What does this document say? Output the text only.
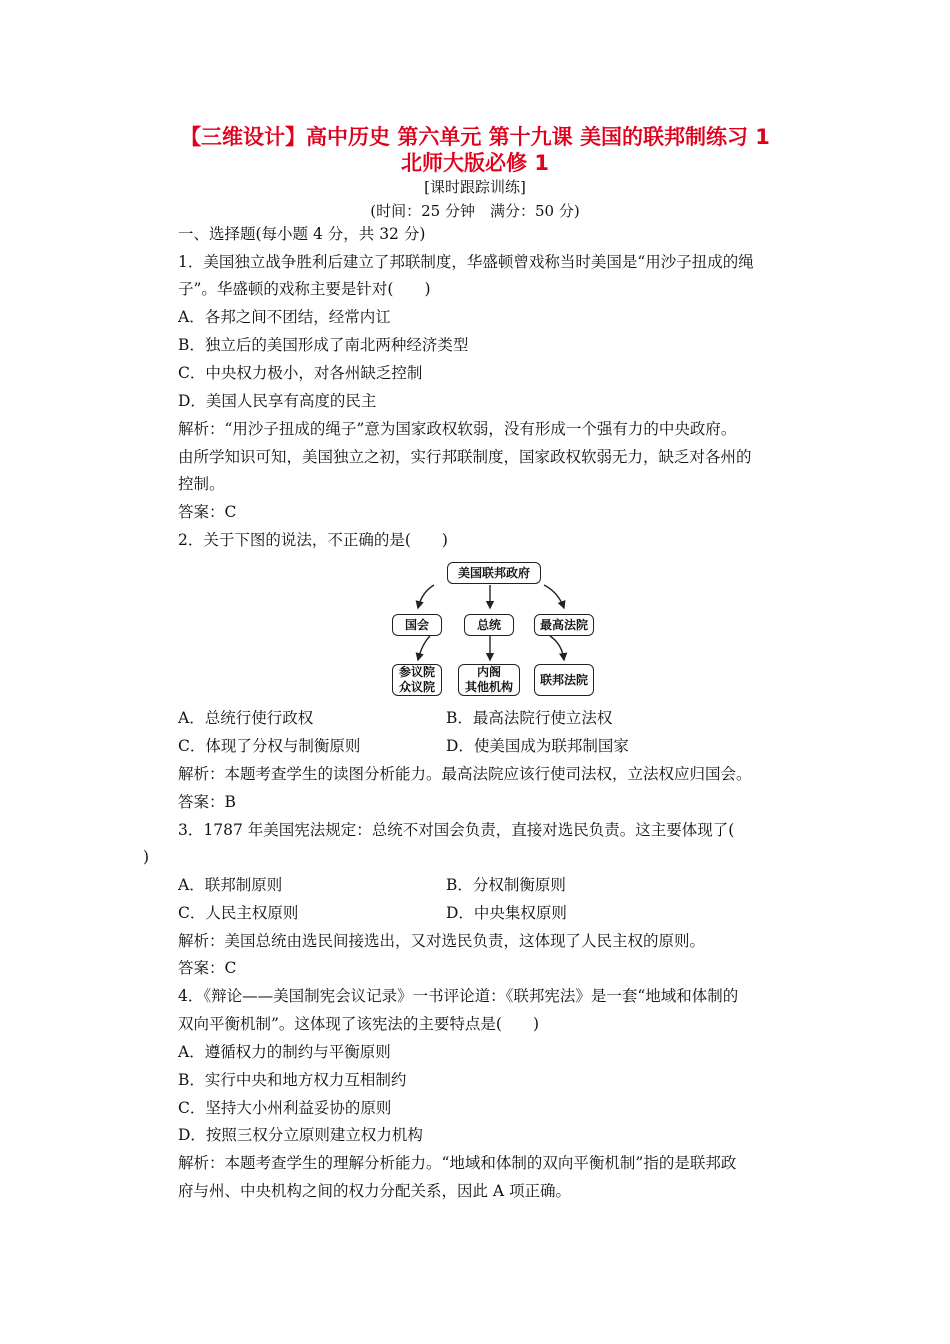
【三维设计】高中历史 第六单元 第十九课 美国的联邦制练习 1
北师大版必修 1
[课时跟踪训练]
(时间：25 分钟　满分：50 分)
一、选择题(每小题 4 分，共 32 分)
1．美国独立战争胜利后建立了邦联制度，华盛顿曾戏称当时美国是“用沙子扭成的绳
子”。华盛顿的戏称主要是针对(　　)
A．各邦之间不团结，经常内讧
B．独立后的美国形成了南北两种经济类型
C．中央权力极小，对各州缺乏控制
D．美国人民享有高度的民主
解析：“用沙子扭成的绳子”意为国家政权软弱，没有形成一个强有力的中央政府。
由所学知识可知，美国独立之初，实行邦联制度，国家政权软弱无力，缺乏对各州的
控制。
答案：C
2．关于下图的说法，不正确的是(　　)
美国联邦政府
国会	总统	最高法院
参议院
众议院
内阁
其他机构
联邦法院
A．总统行使行政权	B．最高法院行使立法权
C．体现了分权与制衡原则	D．使美国成为联邦制国家
解析：本题考查学生的读图分析能力。最高法院应该行使司法权，立法权应归国会。
答案：B
3．1787 年美国宪法规定：总统不对国会负责，直接对选民负责。这主要体现了(
)
A．联邦制原则	B．分权制衡原则
C．人民主权原则	D．中央集权原则
解析：美国总统由选民间接选出，又对选民负责，这体现了人民主权的原则。
答案：C
4．《辩论——美国制宪会议记录》一书评论道：《联邦宪法》是一套“地域和体制的
双向平衡机制”。这体现了该宪法的主要特点是(　　)
A．遵循权力的制约与平衡原则
B．实行中央和地方权力互相制约
C．坚持大小州利益妥协的原则
D．按照三权分立原则建立权力机构
解析：本题考查学生的理解分析能力。“地域和体制的双向平衡机制”指的是联邦政
府与州、中央机构之间的权力分配关系，因此 A 项正确。
